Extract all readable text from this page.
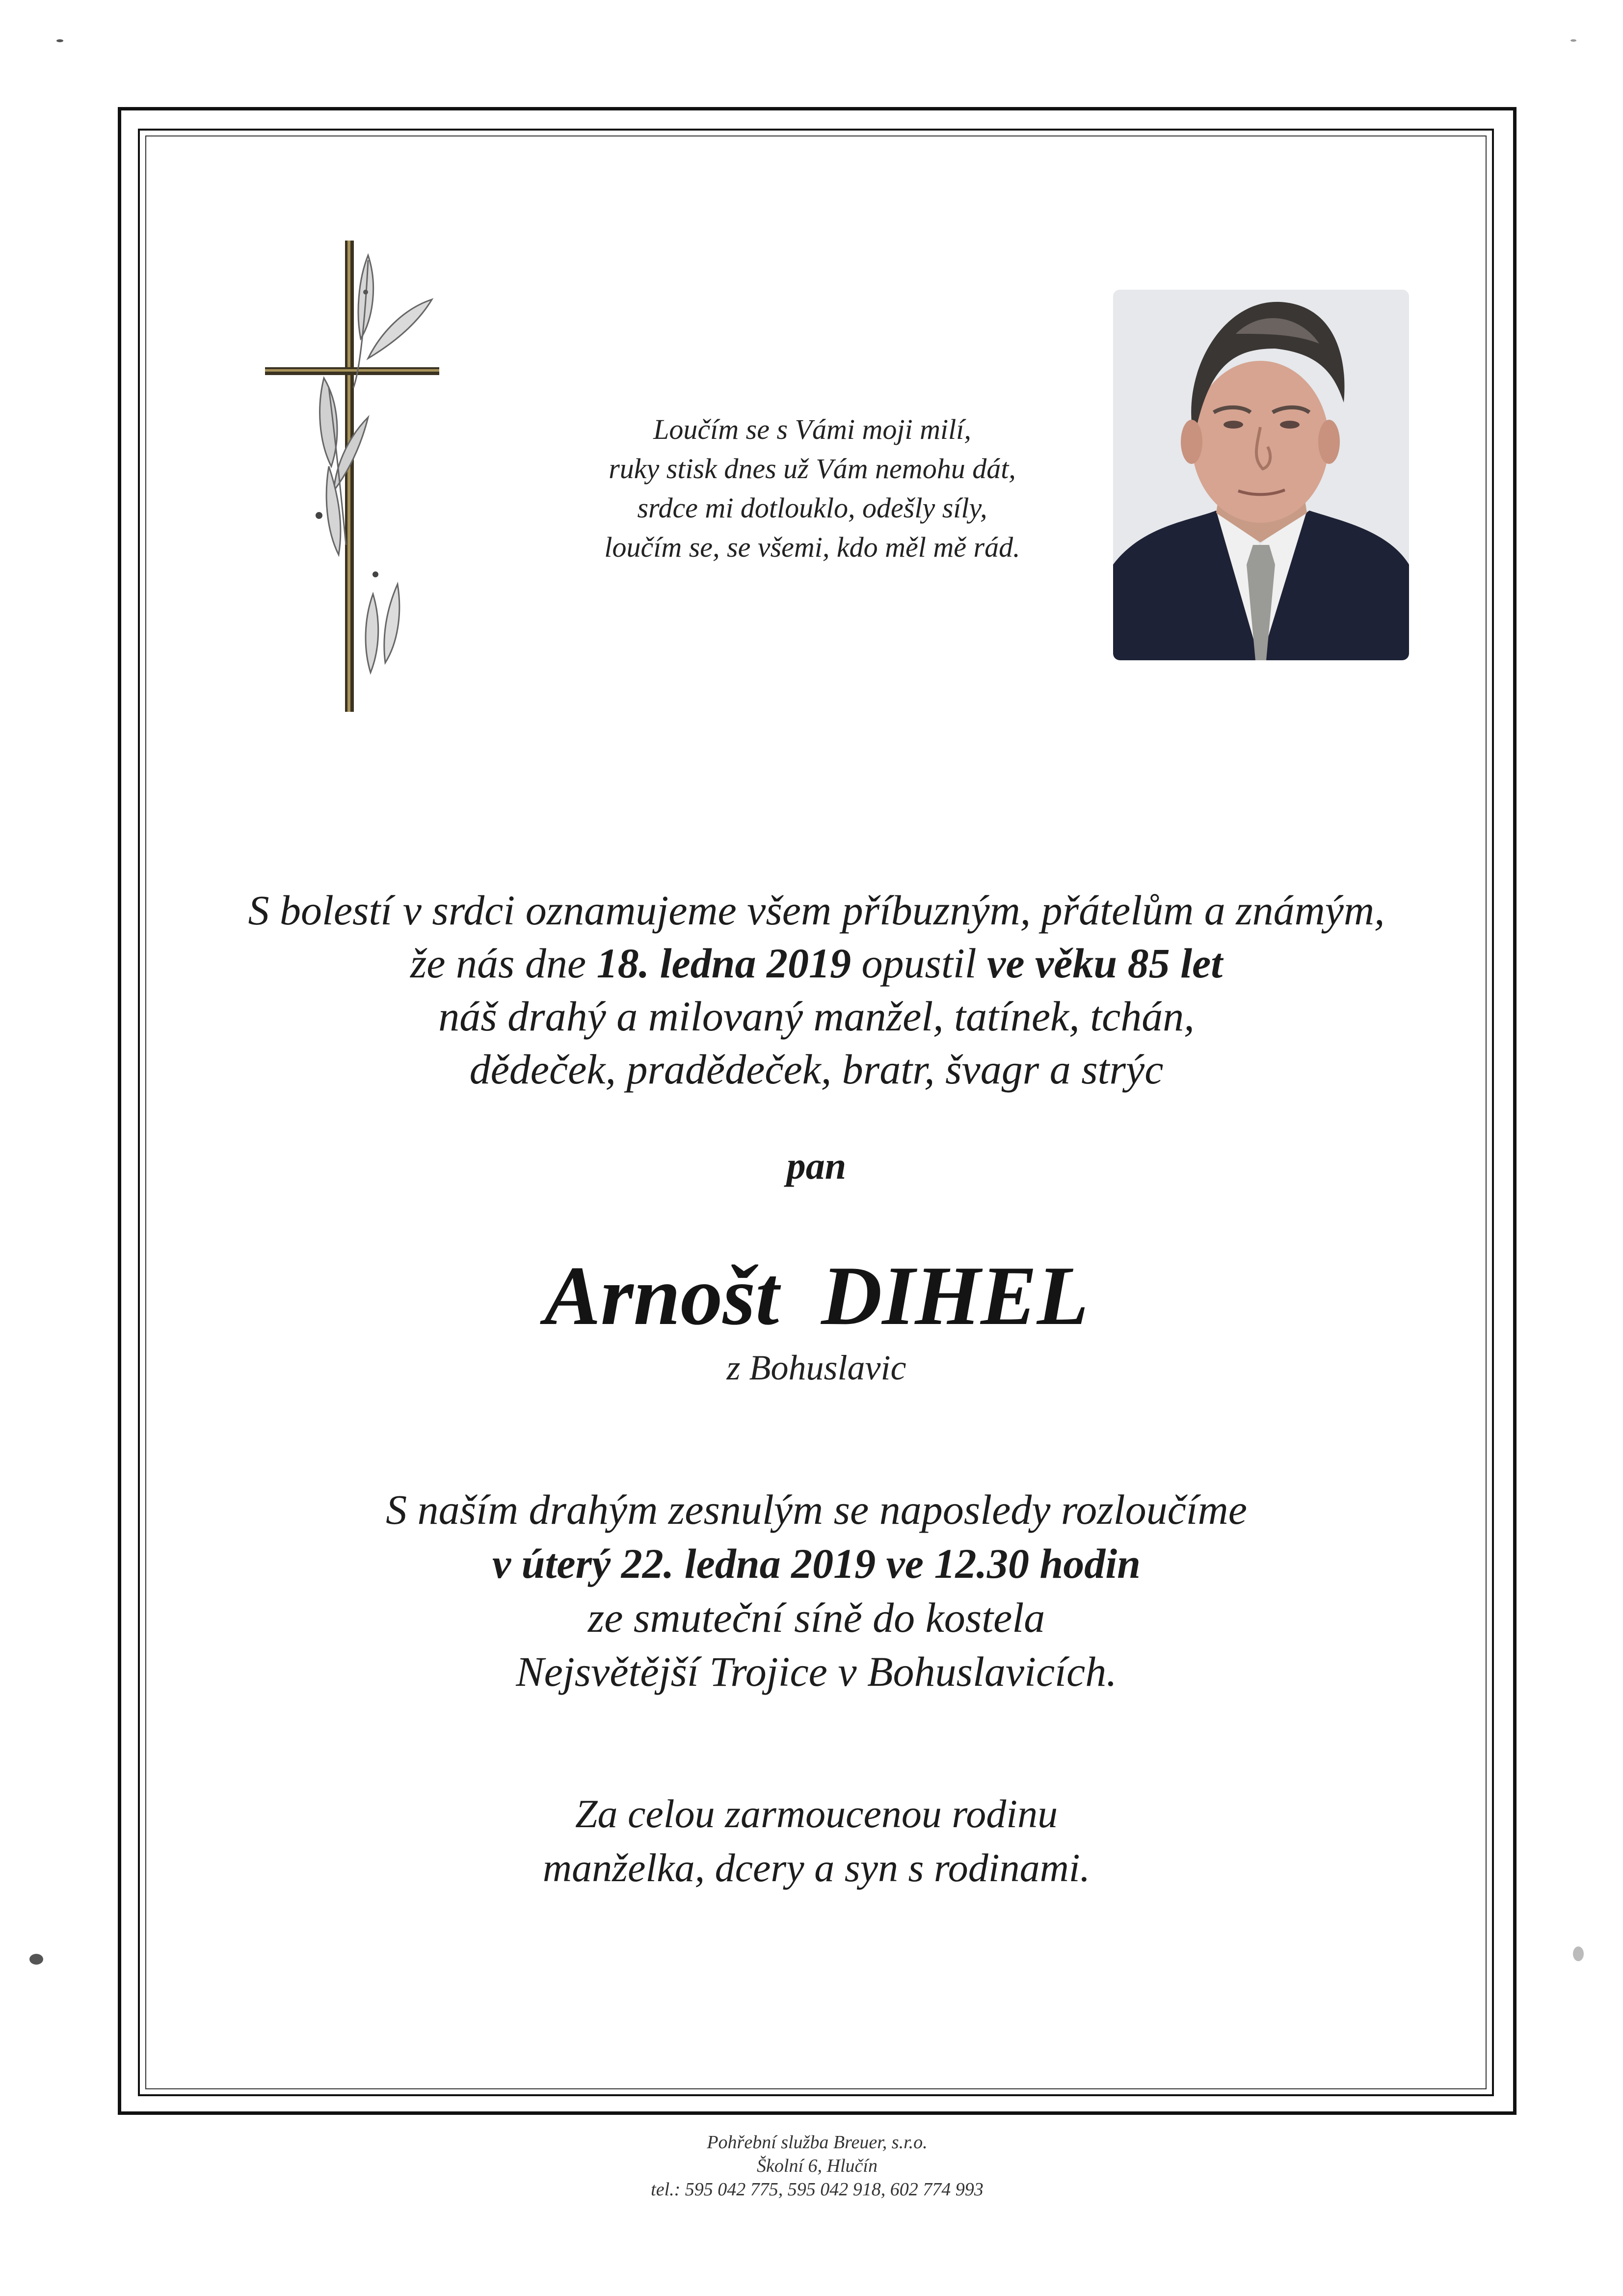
Loučím se s Vámi moji milí,
ruky stisk dnes už Vám nemohu dát,
srdce mi dotlouklo, odešly síly,
loučím se, se všemi, kdo měl mě rád.
S bolestí v srdci oznamujeme všem příbuzným, přátelům a známým,
že nás dne 18. ledna 2019 opustil ve věku 85 let
náš drahý a milovaný manžel, tatínek, tchán,
dědeček, pradědeček, bratr, švagr a strýc
pan
Arnošt DIHEL
z Bohuslavic
S naším drahým zesnulým se naposledy rozloučíme
v úterý 22. ledna 2019 ve 12.30 hodin
ze smuteční síně do kostela
Nejsvětější Trojice v Bohuslavicích.
Za celou zarmoucenou rodinu
manželka, dcery a syn s rodinami.
Pohřební služba Breuer, s.r.o.
Školní 6, Hlučín
tel.: 595 042 775, 595 042 918, 602 774 993
